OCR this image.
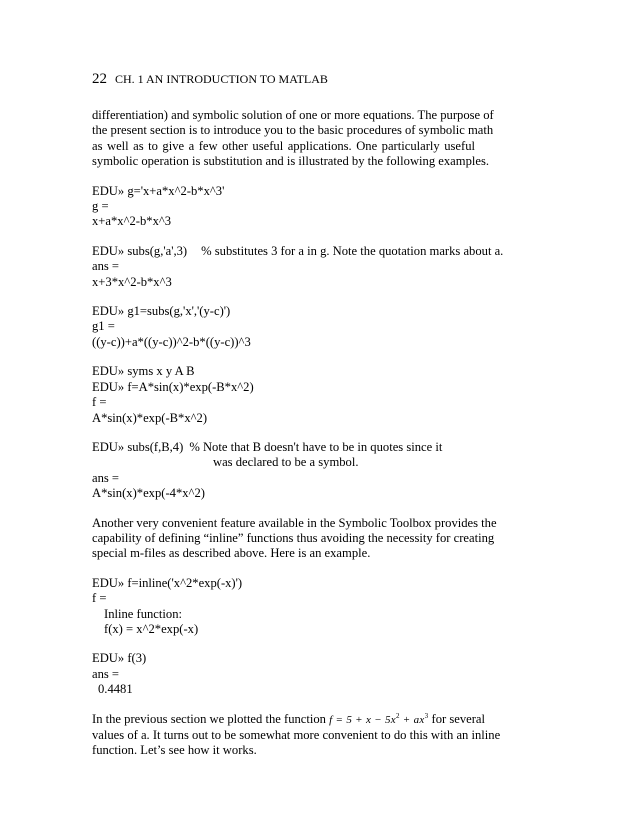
22 CH. 1 AN INTRODUCTION TO MATLAB
differentiation) and symbolic solution of one or more equations. The purpose of
the present section is to introduce you to the basic procedures of symbolic math
as well as to give a few other useful applications. One particularly useful
symbolic operation is substitution and is illustrated by the following examples.
EDU» g='x+a*x^2-b*x^3'
g =
x+a*x^2-b*x^3
EDU» subs(g,'a',3) % substitutes 3 for a in g. Note the quotation marks about a.
ans =
x+3*x^2-b*x^3
EDU» g1=subs(g,'x','(y-c)')
g1 =
((y-c))+a*((y-c))^2-b*((y-c))^3
EDU» syms x y A B
EDU» f=A*sin(x)*exp(-B*x^2)
f =
A*sin(x)*exp(-B*x^2)
EDU» subs(f,B,4) % Note that B doesn't have to be in quotes since it
was declared to be a symbol.
ans =
A*sin(x)*exp(-4*x^2)
Another very convenient feature available in the Symbolic Toolbox provides the
capability of defining “inline” functions thus avoiding the necessity for creating
special m-files as described above. Here is an example.
EDU» f=inline('x^2*exp(-x)')
f =
Inline function:
f(x) = x^2*exp(-x)
EDU» f(3)
ans =
0.4481
In the previous section we plotted the function $f = 5 + x - 5x^2 + ax^3$ for several
values of a. It turns out to be somewhat more convenient to do this with an inline
function. Let’s see how it works.
